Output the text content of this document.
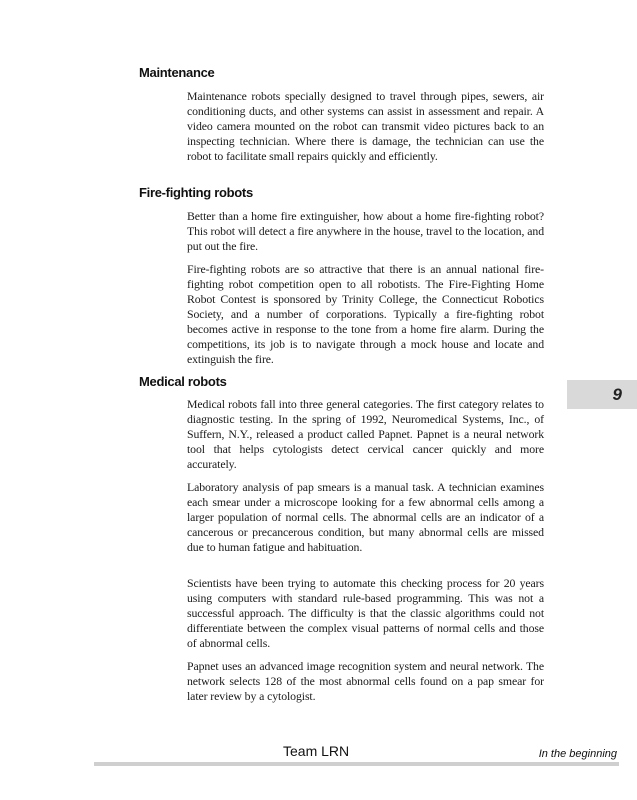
Maintenance

Maintenance robots specially designed to travel through pipes, sewers, air conditioning ducts, and other systems can assist in assessment and repair. A video camera mounted on the robot can transmit video pictures back to an inspecting technician. Where there is damage, the technician can use the robot to facilitate small repairs quickly and efficiently.

Fire-fighting robots

Better than a home fire extinguisher, how about a home fire-fighting robot? This robot will detect a fire anywhere in the house, travel to the location, and put out the fire.

Fire-fighting robots are so attractive that there is an annual national fire-fighting robot competition open to all robotists. The Fire-Fighting Home Robot Contest is sponsored by Trinity College, the Connecticut Robotics Society, and a number of corporations. Typically a fire-fighting robot becomes active in response to the tone from a home fire alarm. During the competitions, its job is to navigate through a mock house and locate and extinguish the fire.

Medical robots

Medical robots fall into three general categories. The first category relates to diagnostic testing. In the spring of 1992, Neuromedical Systems, Inc., of Suffern, N.Y., released a product called Papnet. Papnet is a neural network tool that helps cytologists detect cervical cancer quickly and more accurately.

Laboratory analysis of pap smears is a manual task. A technician examines each smear under a microscope looking for a few abnormal cells among a larger population of normal cells. The abnormal cells are an indicator of a cancerous or precancerous condition, but many abnormal cells are missed due to human fatigue and habituation.

Scientists have been trying to automate this checking process for 20 years using computers with standard rule-based programming. This was not a successful approach. The difficulty is that the classic algorithms could not differentiate between the complex visual patterns of normal cells and those of abnormal cells.

Papnet uses an advanced image recognition system and neural network. The network selects 128 of the most abnormal cells found on a pap smear for later review by a cytologist.

9
Team LRN	In the beginning
